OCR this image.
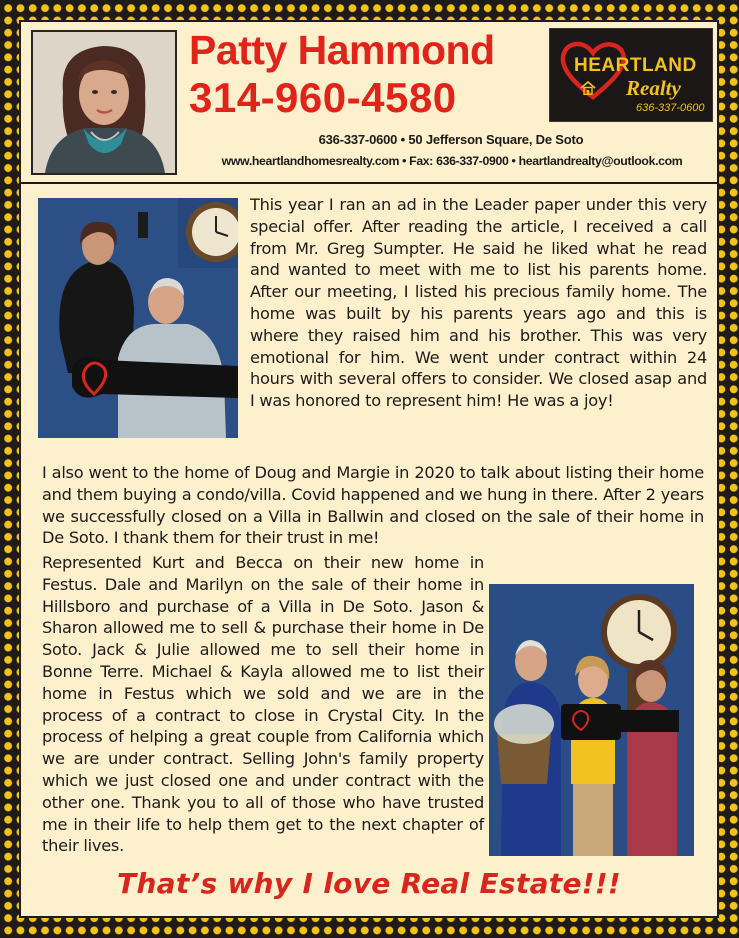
Patty Hammond
314-960-4580
HEARTLAND
Realty
636-337-0600
636-337-0600 • 50 Jefferson Square, De Soto
www.heartlandhomesrealty.com • Fax: 636-337-0900 • heartlandrealty@outlook.com
This year I ran an ad in the Leader paper under this very special offer. After reading the article, I received a call from Mr. Greg Sumpter. He said he liked what he read and wanted to meet with me to list his parents home. After our meeting, I listed his precious family home. The home was built by his parents years ago and this is where they raised him and his brother. This was very emotional for him. We went under contract within 24 hours with several offers to consider. We closed asap and I was honored to represent him! He was a joy!
I also went to the home of Doug and Margie in 2020 to talk about listing their home and them buying a condo/villa. Covid happened and we hung in there. After 2 years we successfully closed on a Villa in Ballwin and closed on the sale of their home in De Soto. I thank them for their trust in me!
Represented Kurt and Becca on their new home in Festus. Dale and Marilyn on the sale of their home in Hillsboro and purchase of a Villa in De Soto. Jason & Sharon allowed me to sell & purchase their home in De Soto. Jack & Julie allowed me to sell their home in Bonne Terre. Michael & Kayla allowed me to list their home in Festus which we sold and we are in the process of a contract to close in Crystal City. In the process of helping a great couple from California which we are under contract. Selling John's family property which we just closed one and under contract with the other one. Thank you to all of those who have trusted me in their life to help them get to the next chapter of their lives.
That’s why I love Real Estate!!!
